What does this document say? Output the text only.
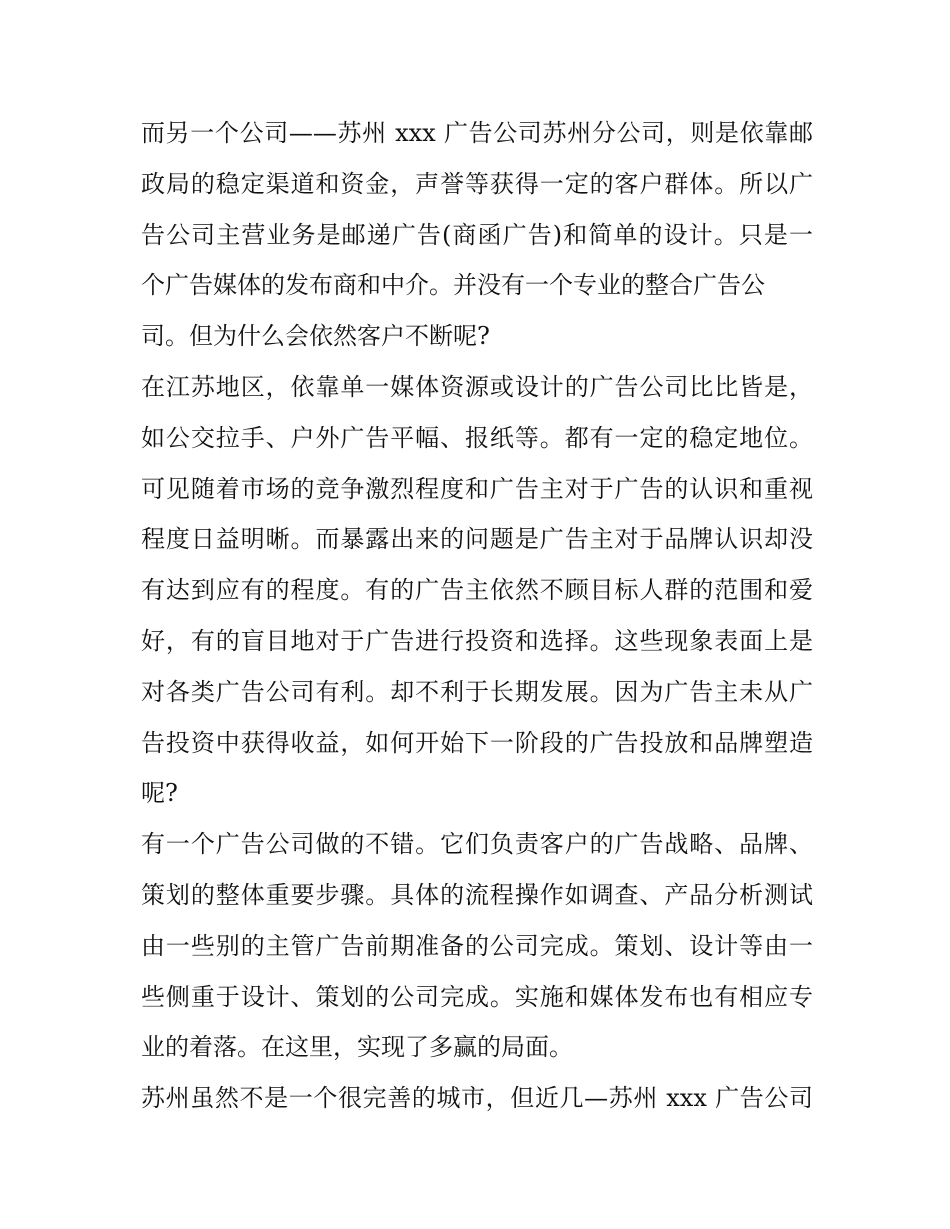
而另一个公司——苏州 xxx 广告公司苏州分公司，则是依靠邮
政局的稳定渠道和资金，声誉等获得一定的客户群体。所以广
告公司主营业务是邮递广告(商函广告)和简单的设计。只是一
个广告媒体的发布商和中介。并没有一个专业的整合广告公
司。但为什么会依然客户不断呢?
在江苏地区，依靠单一媒体资源或设计的广告公司比比皆是，
如公交拉手、户外广告平幅、报纸等。都有一定的稳定地位。
可见随着市场的竞争激烈程度和广告主对于广告的认识和重视
程度日益明晰。而暴露出来的问题是广告主对于品牌认识却没
有达到应有的程度。有的广告主依然不顾目标人群的范围和爱
好，有的盲目地对于广告进行投资和选择。这些现象表面上是
对各类广告公司有利。却不利于长期发展。因为广告主未从广
告投资中获得收益，如何开始下一阶段的广告投放和品牌塑造
呢?
有一个广告公司做的不错。它们负责客户的广告战略、品牌、
策划的整体重要步骤。具体的流程操作如调查、产品分析测试
由一些别的主管广告前期准备的公司完成。策划、设计等由一
些侧重于设计、策划的公司完成。实施和媒体发布也有相应专
业的着落。在这里，实现了多赢的局面。
苏州虽然不是一个很完善的城市，但近几—苏州 xxx 广告公司
